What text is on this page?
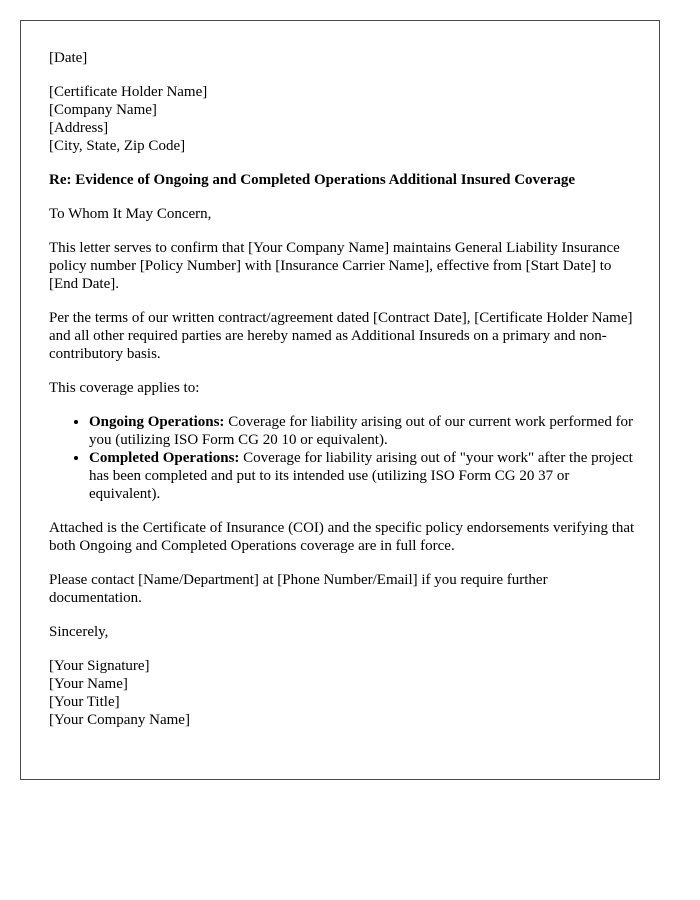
[Date]

[Certificate Holder Name]
[Company Name]
[Address]
[City, State, Zip Code]

Re: Evidence of Ongoing and Completed Operations Additional Insured Coverage

To Whom It May Concern,

This letter serves to confirm that [Your Company Name] maintains General Liability Insurance policy number [Policy Number] with [Insurance Carrier Name], effective from [Start Date] to [End Date].

Per the terms of our written contract/agreement dated [Contract Date], [Certificate Holder Name] and all other required parties are hereby named as Additional Insureds on a primary and non-contributory basis.

This coverage applies to:

• Ongoing Operations: Coverage for liability arising out of our current work performed for you (utilizing ISO Form CG 20 10 or equivalent).
• Completed Operations: Coverage for liability arising out of "your work" after the project has been completed and put to its intended use (utilizing ISO Form CG 20 37 or equivalent).

Attached is the Certificate of Insurance (COI) and the specific policy endorsements verifying that both Ongoing and Completed Operations coverage are in full force.

Please contact [Name/Department] at [Phone Number/Email] if you require further documentation.

Sincerely,

[Your Signature]
[Your Name]
[Your Title]
[Your Company Name]
